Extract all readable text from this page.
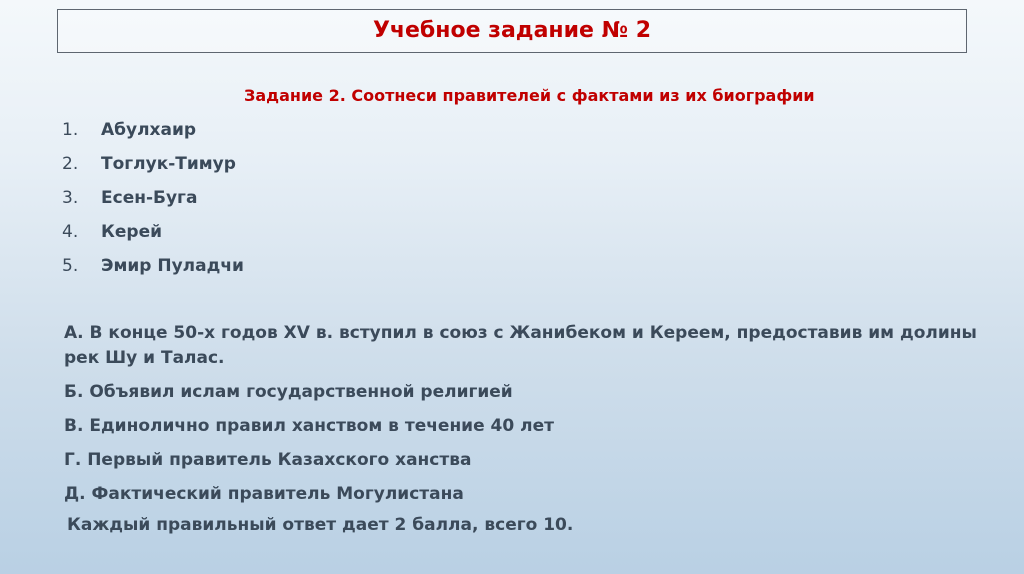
Учебное задание № 2

Задание 2. Соотнеси правителей с фактами из их биографии

1.	Абулхаир
2.	Тоглук-Тимур
3.	Есен-Буга
4.	Керей
5.	Эмир Пуладчи
А. В конце 50-х годов XV в. вступил в союз с Жанибеком и Кереем, предоставив им долины рек Шу и Талас.
Б. Объявил ислам государственной религией
В. Единолично правил ханством в течение 40 лет
Г. Первый правитель Казахского ханства
Д. Фактический правитель Могулистана

Каждый правильный ответ дает 2 балла, всего 10.
